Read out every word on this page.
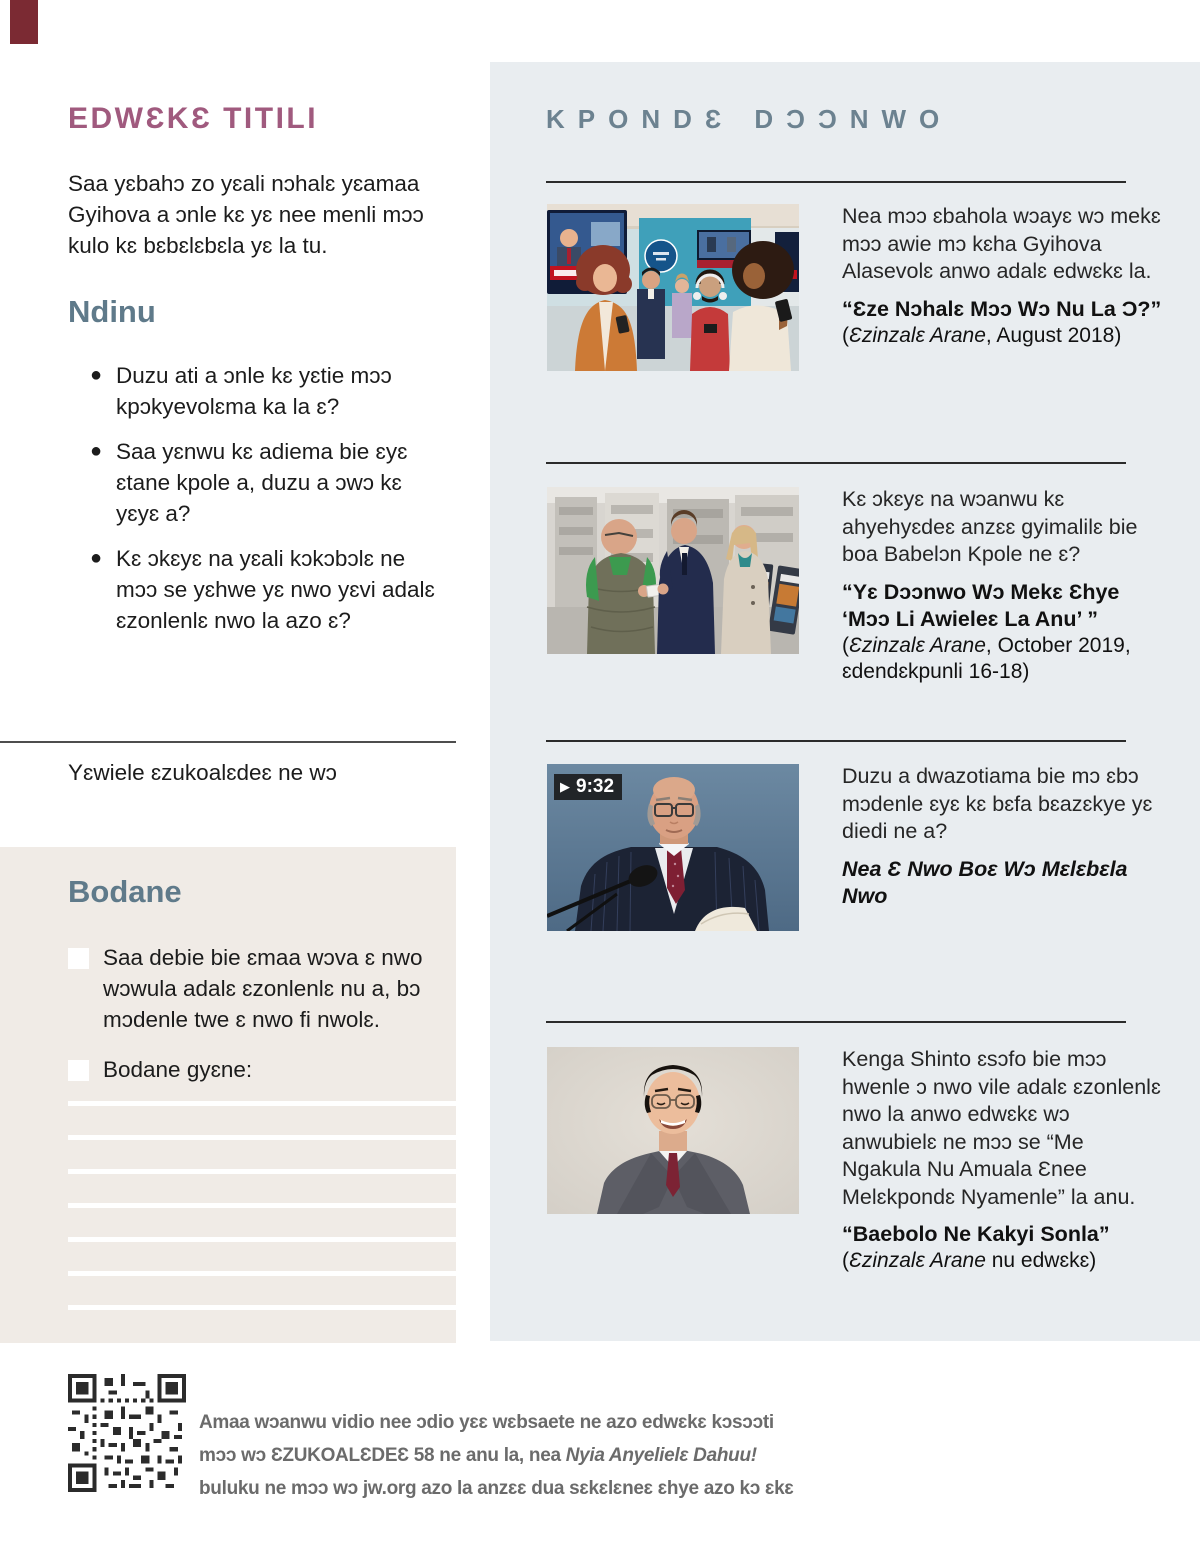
EDWƐKƐ TITILI
Saa yɛbahɔ zo yɛali nɔhalɛ yɛamaa Gyihova a ɔnle kɛ yɛ nee menli mɔɔ kulo kɛ bɛbɛlɛbɛla yɛ la tu.
Ndinu
● Duzu ati a ɔnle kɛ yɛtie mɔɔ kpɔkyevolɛma ka la ɛ?
● Saa yɛnwu kɛ adiema bie ɛyɛ ɛtane kpole a, duzu a ɔwɔ kɛ yɛyɛ a?
● Kɛ ɔkɛyɛ na yɛali kɔkɔbɔlɛ ne mɔɔ se yɛhwe yɛ nwo yɛvi adalɛ ɛzonlenlɛ nwo la azo ɛ?
Yɛwiele ɛzukoalɛdeɛ ne wɔ
Bodane
Saa debie bie ɛmaa wɔva ɛ nwo wɔwula adalɛ ɛzonlenlɛ nu a, bɔ mɔdenle twe ɛ nwo fi nwolɛ.
Bodane gyɛne:
KPONDƐ DƆƆNWO
▶ 9:32
Nea mɔɔ ɛbahola wɔayɛ wɔ mekɛ mɔɔ awie mɔ kɛha Gyihova Alasevolɛ anwo adalɛ edwɛkɛ la.
“Ɛze Nɔhalɛ Mɔɔ Wɔ Nu La Ɔ?”
(Ɛzinzalɛ Arane, August 2018)
Kɛ ɔkɛyɛ na wɔanwu kɛ ahyehyɛdeɛ anzɛɛ gyimalilɛ bie boa Babelɔn Kpole ne ɛ?
“Yɛ Dɔɔnwo Wɔ Mekɛ Ɛhye ‘Mɔɔ Li Awieleɛ La Anu’ ”
(Ɛzinzalɛ Arane, October 2019, ɛdendɛkpunli 16-18)
Duzu a dwazotiama bie mɔ ɛbɔ mɔdenle ɛyɛ kɛ bɛfa bɛazɛkye yɛ diedi ne a?
Nea Ɛ Nwo Boɛ Wɔ Mɛlɛbɛla Nwo
Kenga Shinto ɛsɔfo bie mɔɔ hwenle ɔ nwo vile adalɛ ɛzonlenlɛ nwo la anwo edwɛkɛ wɔ anwubielɛ ne mɔɔ se “Me Ngakula Nu Amuala Ɛnee Melɛkpondɛ Nyamenle” la anu.
“Baebolo Ne Kakyi Sonla”
(Ɛzinzalɛ Arane nu edwɛkɛ)
Amaa wɔanwu vidio nee ɔdio yɛɛ wɛbsaete ne azo edwɛkɛ kɔsɔɔti
mɔɔ wɔ ƐZUKOALƐDEƐ 58 ne anu la, nea Nyia Anyelielɛ Dahuu!
buluku ne mɔɔ wɔ jw.org azo la anzɛɛ dua sɛkɛlɛneɛ ɛhye azo kɔ ɛkɛ
